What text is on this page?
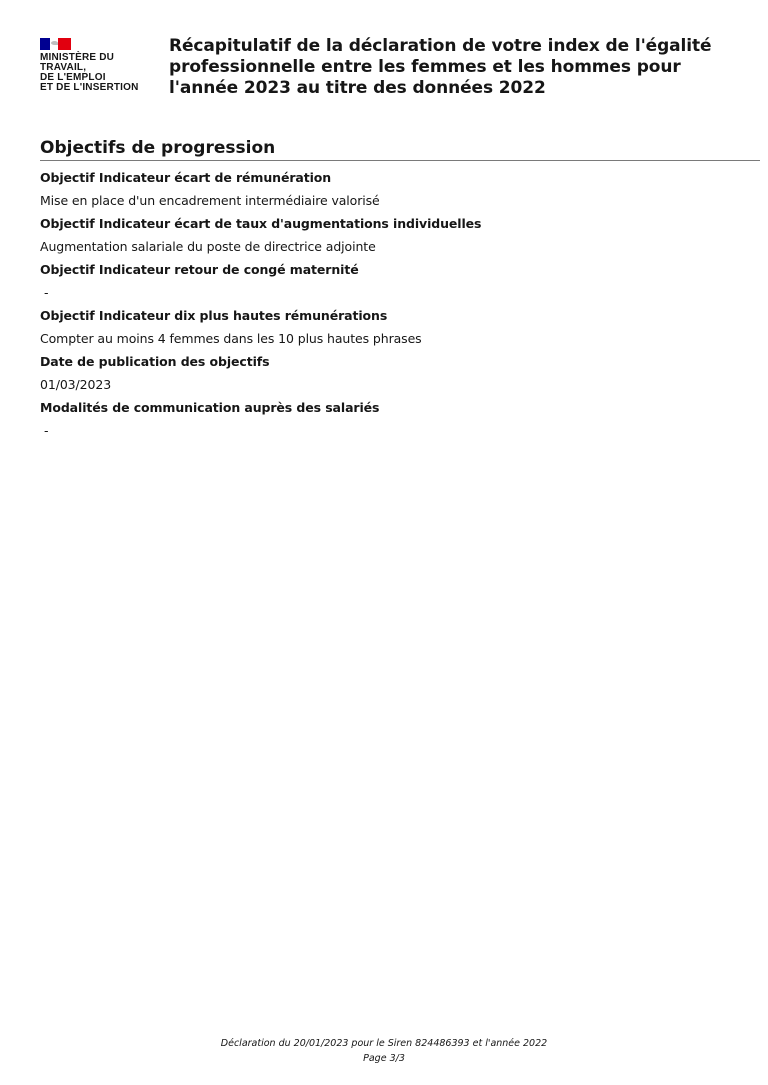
MINISTÈRE DU
TRAVAIL,
DE L'EMPLOI
ET DE L'INSERTION
Récapitulatif de la déclaration de votre index de l'égalité professionnelle entre les femmes et les hommes pour l'année 2023 au titre des données 2022
Objectifs de progression
Objectif Indicateur écart de rémunération
Mise en place d'un encadrement intermédiaire valorisé
Objectif Indicateur écart de taux d'augmentations individuelles
Augmentation salariale du poste de directrice adjointe
Objectif Indicateur retour de congé maternité
-
Objectif Indicateur dix plus hautes rémunérations
Compter au moins 4 femmes dans les 10 plus hautes phrases
Date de publication des objectifs
01/03/2023
Modalités de communication auprès des salariés
-
Déclaration du 20/01/2023 pour le Siren 824486393 et l'année 2022
Page 3/3
